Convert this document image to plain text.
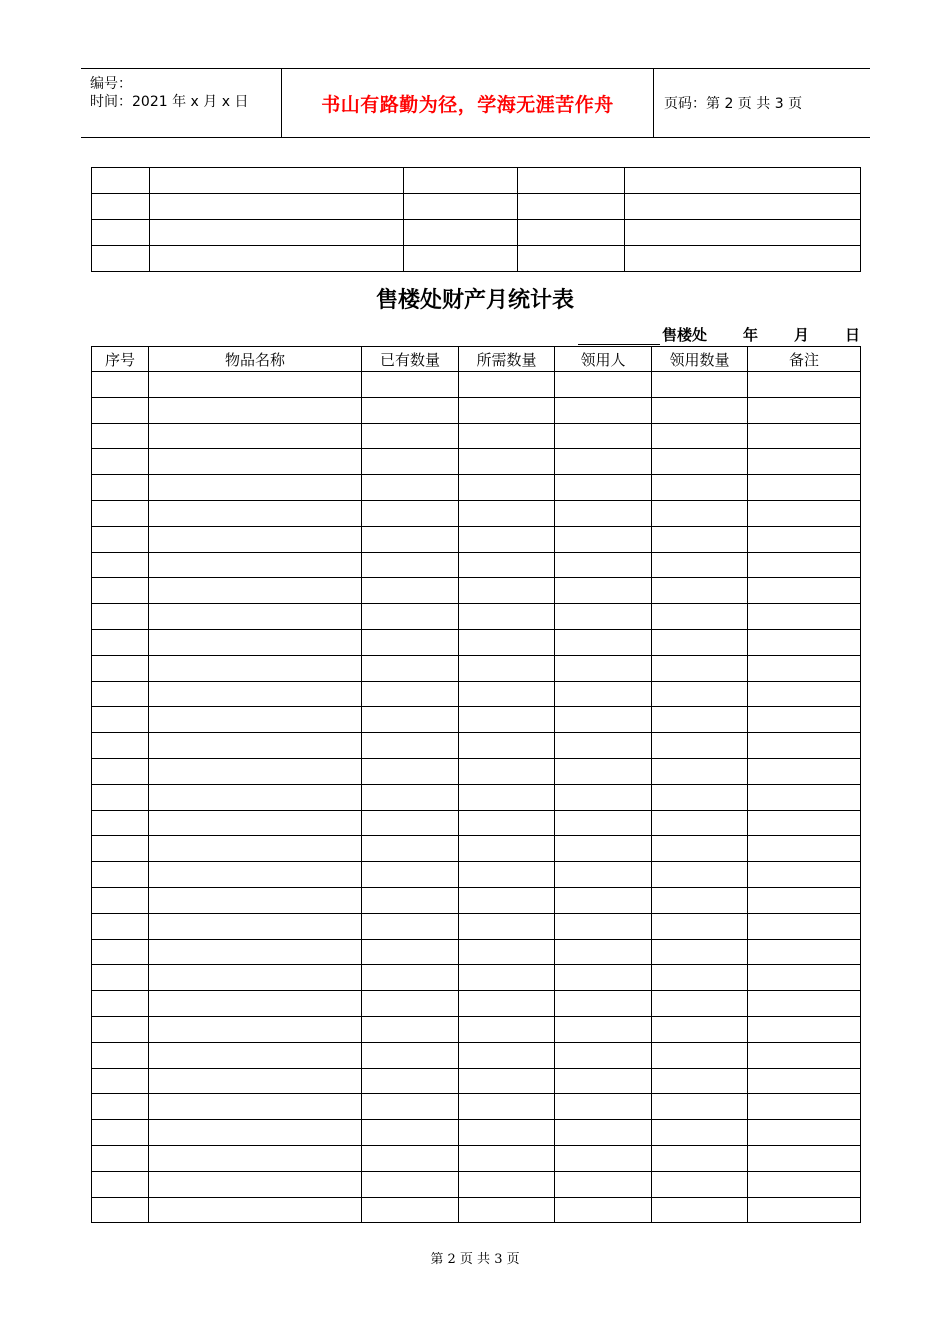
编号：
时间：2021 年 x 月 x 日	书山有路勤为径，学海无涯苦作舟	页码：第 2 页 共 3 页

售楼处财产月统计表
售楼处 年 月 日
序号	物品名称	已有数量	所需数量	领用人	领用数量	备注

第 2 页 共 3 页
